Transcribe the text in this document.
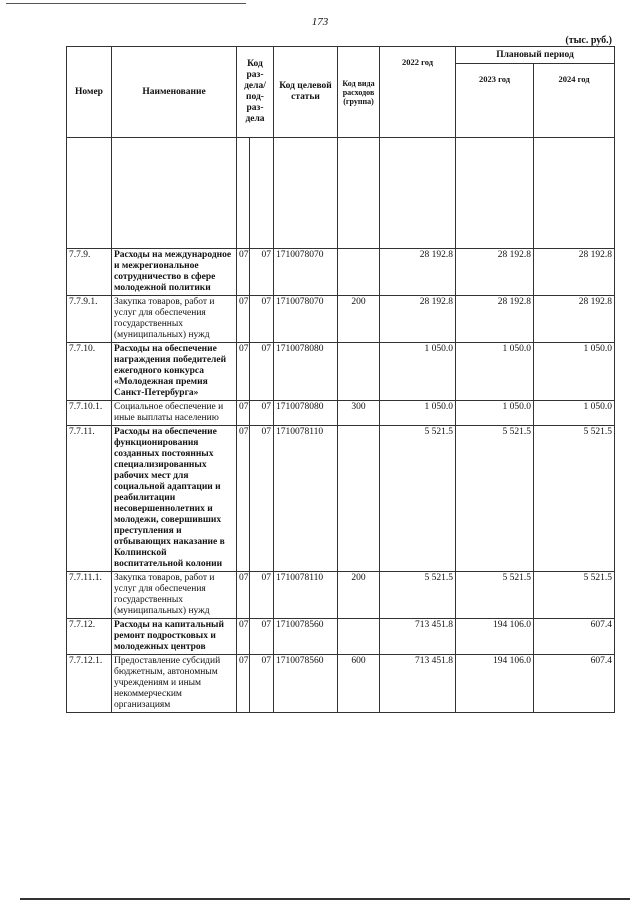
173
(тыс. руб.)
Номер	Наименование	Код раз-дела/ под-раз-дела		Код целевой статьи	Код вида расходов (группа)	2022 год	Плановый период	
							2023 год	2024 год

7.7.9.	Расходы на международное и межрегиональное сотрудничество в сфере молодежной политики	07	07	1710078070		28 192.8	28 192.8	28 192.8
7.7.9.1.	Закупка товаров, работ и услуг для обеспечения государственных (муниципальных) нужд	07	07	1710078070	200	28 192.8	28 192.8	28 192.8
7.7.10.	Расходы на обеспечение награждения победителей ежегодного конкурса «Молодежная премия Санкт-Петербурга»	07	07	1710078080		1 050.0	1 050.0	1 050.0
7.7.10.1.	Социальное обеспечение и иные выплаты населению	07	07	1710078080	300	1 050.0	1 050.0	1 050.0
7.7.11.	Расходы на обеспечение функционирования созданных постоянных специализированных рабочих мест для социальной адаптации и реабилитации несовершеннолетних и молодежи, совершивших преступления и отбывающих наказание в Колпинской воспитательной колонии	07	07	1710078110		5 521.5	5 521.5	5 521.5
7.7.11.1.	Закупка товаров, работ и услуг для обеспечения государственных (муниципальных) нужд	07	07	1710078110	200	5 521.5	5 521.5	5 521.5
7.7.12.	Расходы на капитальный ремонт подростковых и молодежных центров	07	07	1710078560		713 451.8	194 106.0	607.4
7.7.12.1.	Предоставление субсидий бюджетным, автономным учреждениям и иным некоммерческим организациям	07	07	1710078560	600	713 451.8	194 106.0	607.4
